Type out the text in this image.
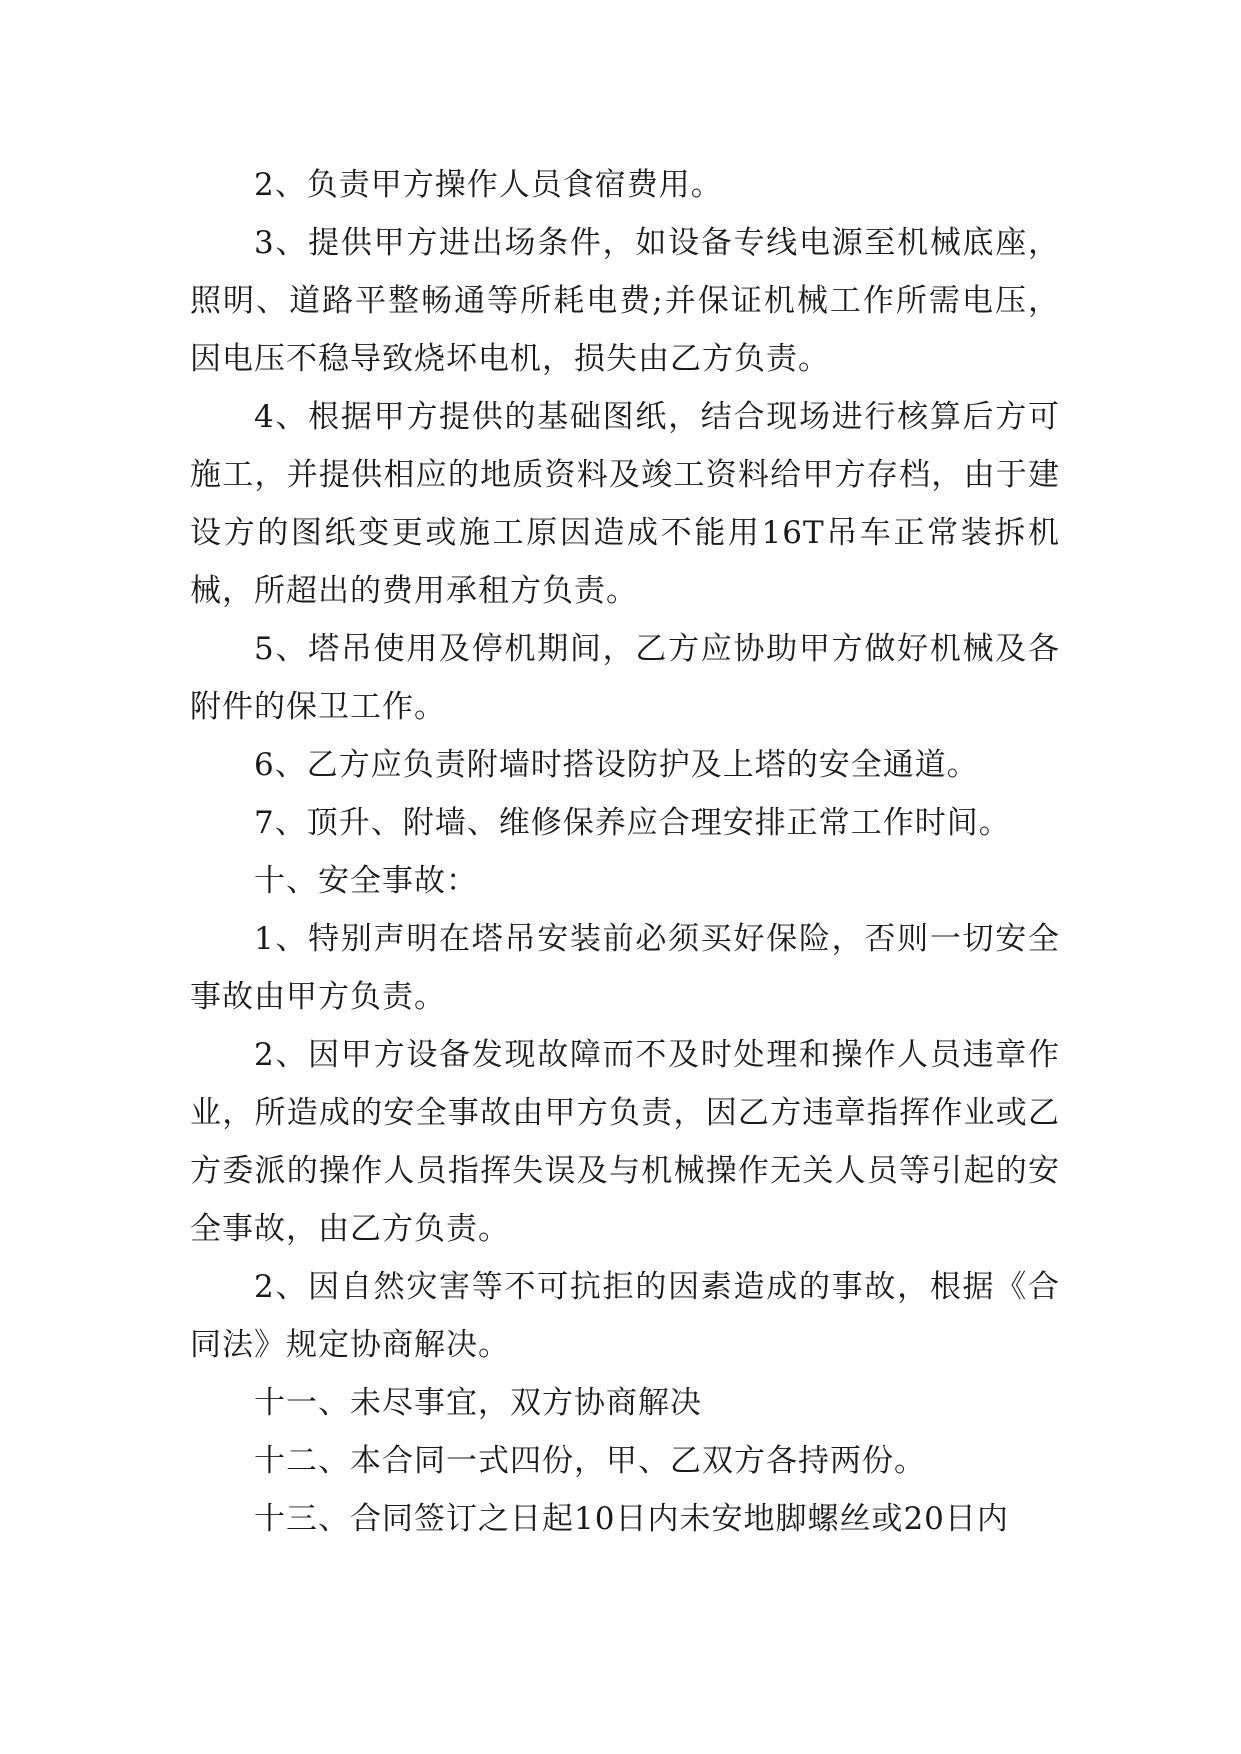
2、负责甲方操作人员食宿费用。

3、提供甲方进出场条件，如设备专线电源至机械底座，照明、道路平整畅通等所耗电费;并保证机械工作所需电压，因电压不稳导致烧坏电机，损失由乙方负责。

4、根据甲方提供的基础图纸，结合现场进行核算后方可施工，并提供相应的地质资料及竣工资料给甲方存档，由于建设方的图纸变更或施工原因造成不能用16T吊车正常装拆机械，所超出的费用承租方负责。

5、塔吊使用及停机期间，乙方应协助甲方做好机械及各附件的保卫工作。

6、乙方应负责附墙时搭设防护及上塔的安全通道。

7、顶升、附墙、维修保养应合理安排正常工作时间。

十、安全事故：

1、特别声明在塔吊安装前必须买好保险，否则一切安全事故由甲方负责。

2、因甲方设备发现故障而不及时处理和操作人员违章作业，所造成的安全事故由甲方负责，因乙方违章指挥作业或乙方委派的操作人员指挥失误及与机械操作无关人员等引起的安全事故，由乙方负责。

2、因自然灾害等不可抗拒的因素造成的事故，根据《合同法》规定协商解决。

十一、未尽事宜，双方协商解决

十二、本合同一式四份，甲、乙双方各持两份。

十三、合同签订之日起10日内未安地脚螺丝或20日内
